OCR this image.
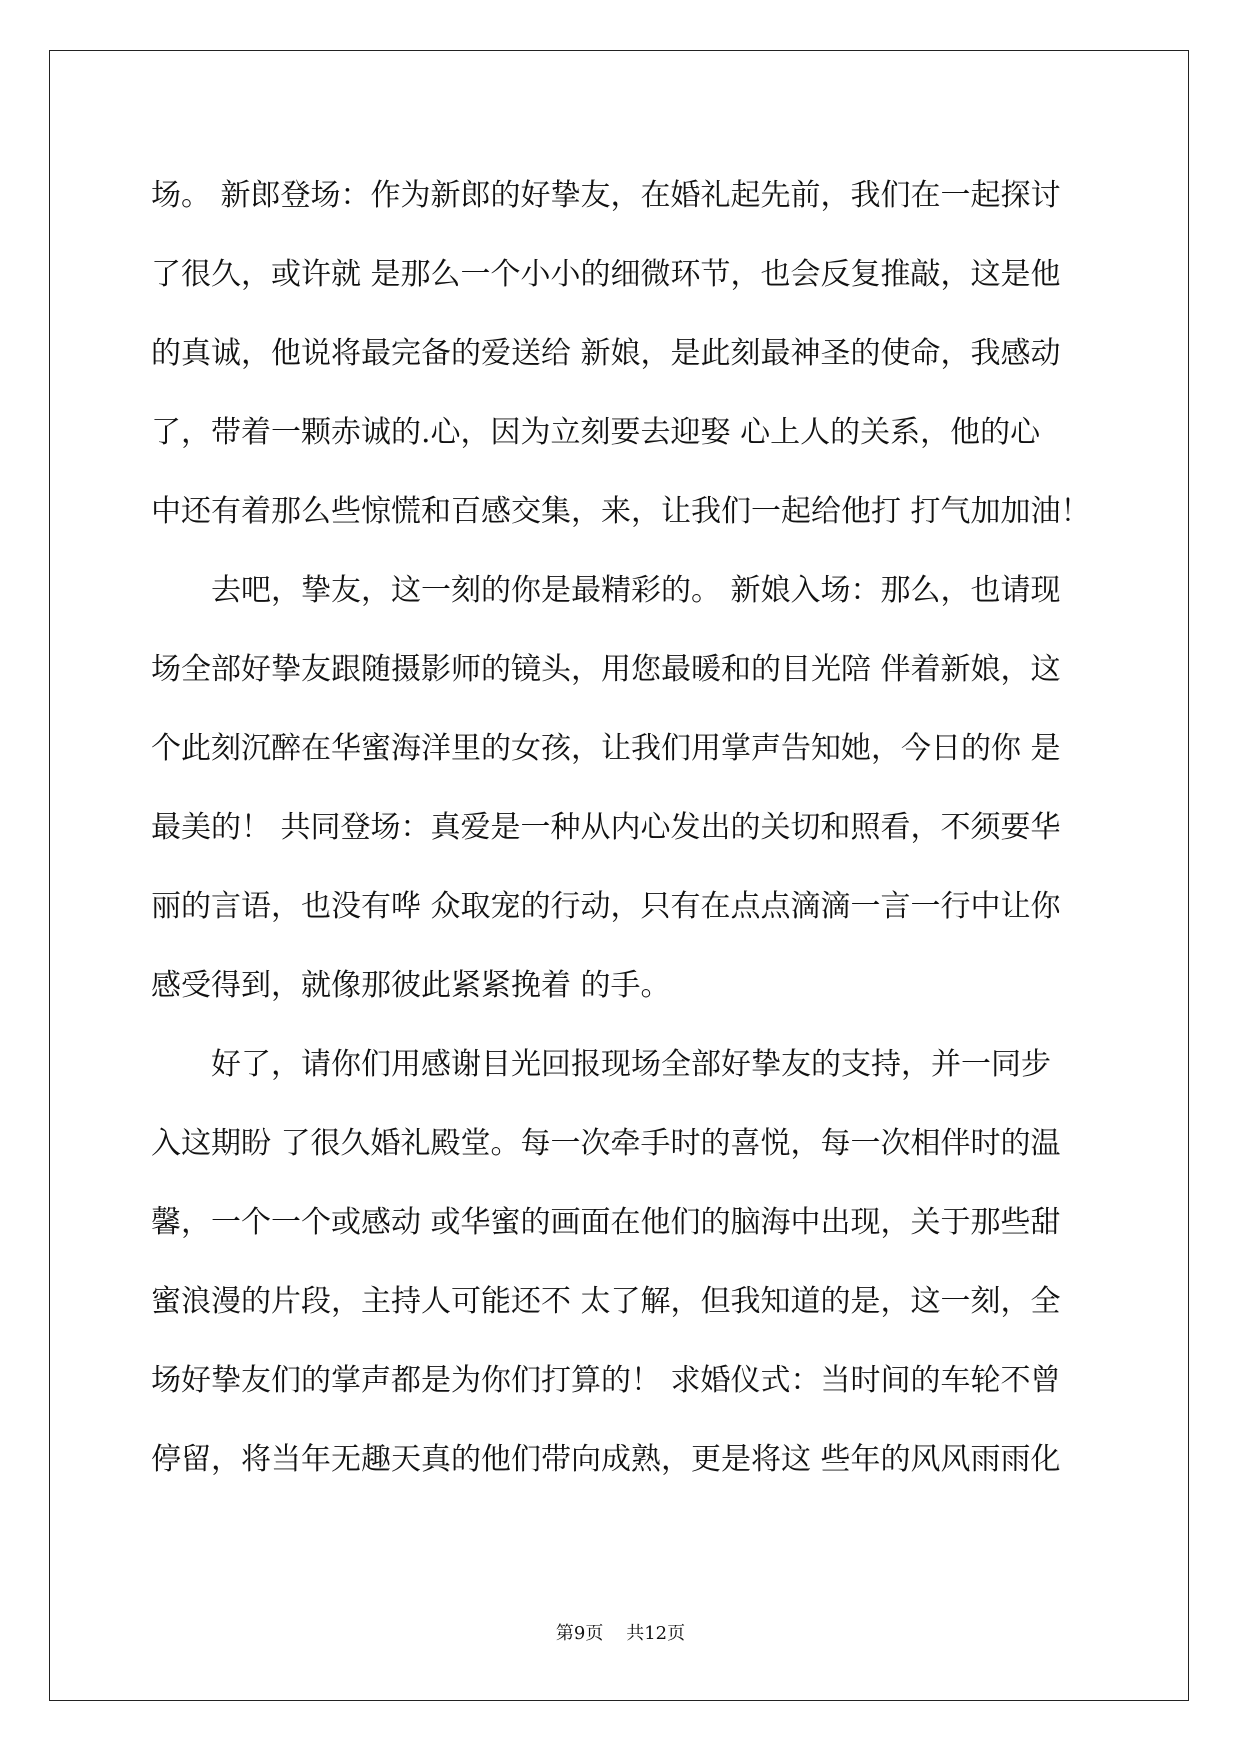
场。 新郎登场：作为新郎的好挚友，在婚礼起先前，我们在一起探讨

了很久，或许就 是那么一个小小的细微环节，也会反复推敲，这是他

的真诚，他说将最完备的爱送给 新娘，是此刻最神圣的使命，我感动

了，带着一颗赤诚的.心，因为立刻要去迎娶 心上人的关系，他的心

中还有着那么些惊慌和百感交集，来，让我们一起给他打 打气加加油！

去吧，挚友，这一刻的你是最精彩的。 新娘入场：那么，也请现

场全部好挚友跟随摄影师的镜头，用您最暖和的目光陪 伴着新娘，这

个此刻沉醉在华蜜海洋里的女孩，让我们用掌声告知她，今日的你 是

最美的！ 共同登场：真爱是一种从内心发出的关切和照看，不须要华

丽的言语，也没有哗 众取宠的行动，只有在点点滴滴一言一行中让你

感受得到，就像那彼此紧紧挽着 的手。

好了，请你们用感谢目光回报现场全部好挚友的支持，并一同步

入这期盼 了很久婚礼殿堂。每一次牵手时的喜悦，每一次相伴时的温

馨，一个一个或感动 或华蜜的画面在他们的脑海中出现，关于那些甜

蜜浪漫的片段，主持人可能还不 太了解，但我知道的是，这一刻，全

场好挚友们的掌声都是为你们打算的！ 求婚仪式：当时间的车轮不曾

停留，将当年无趣天真的他们带向成熟，更是将这 些年的风风雨雨化

第9页    共12页
